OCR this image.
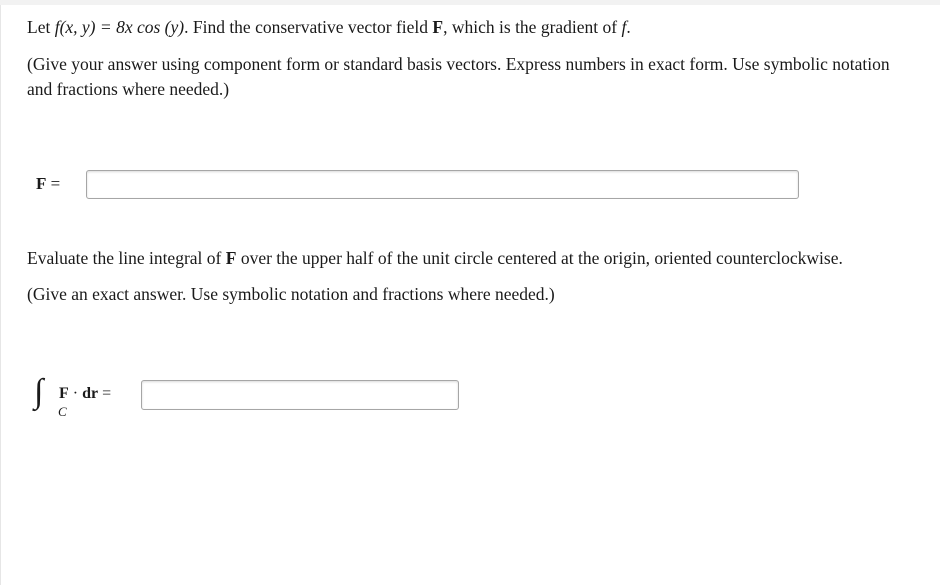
Let f(x, y) = 8x cos (y). Find the conservative vector field F, which is the gradient of f.
(Give your answer using component form or standard basis vectors. Express numbers in exact form. Use symbolic notation
and fractions where needed.)
F =
Evaluate the line integral of F over the upper half of the unit circle centered at the origin, oriented counterclockwise.
(Give an exact answer. Use symbolic notation and fractions where needed.)
∫
C
F · dr =
